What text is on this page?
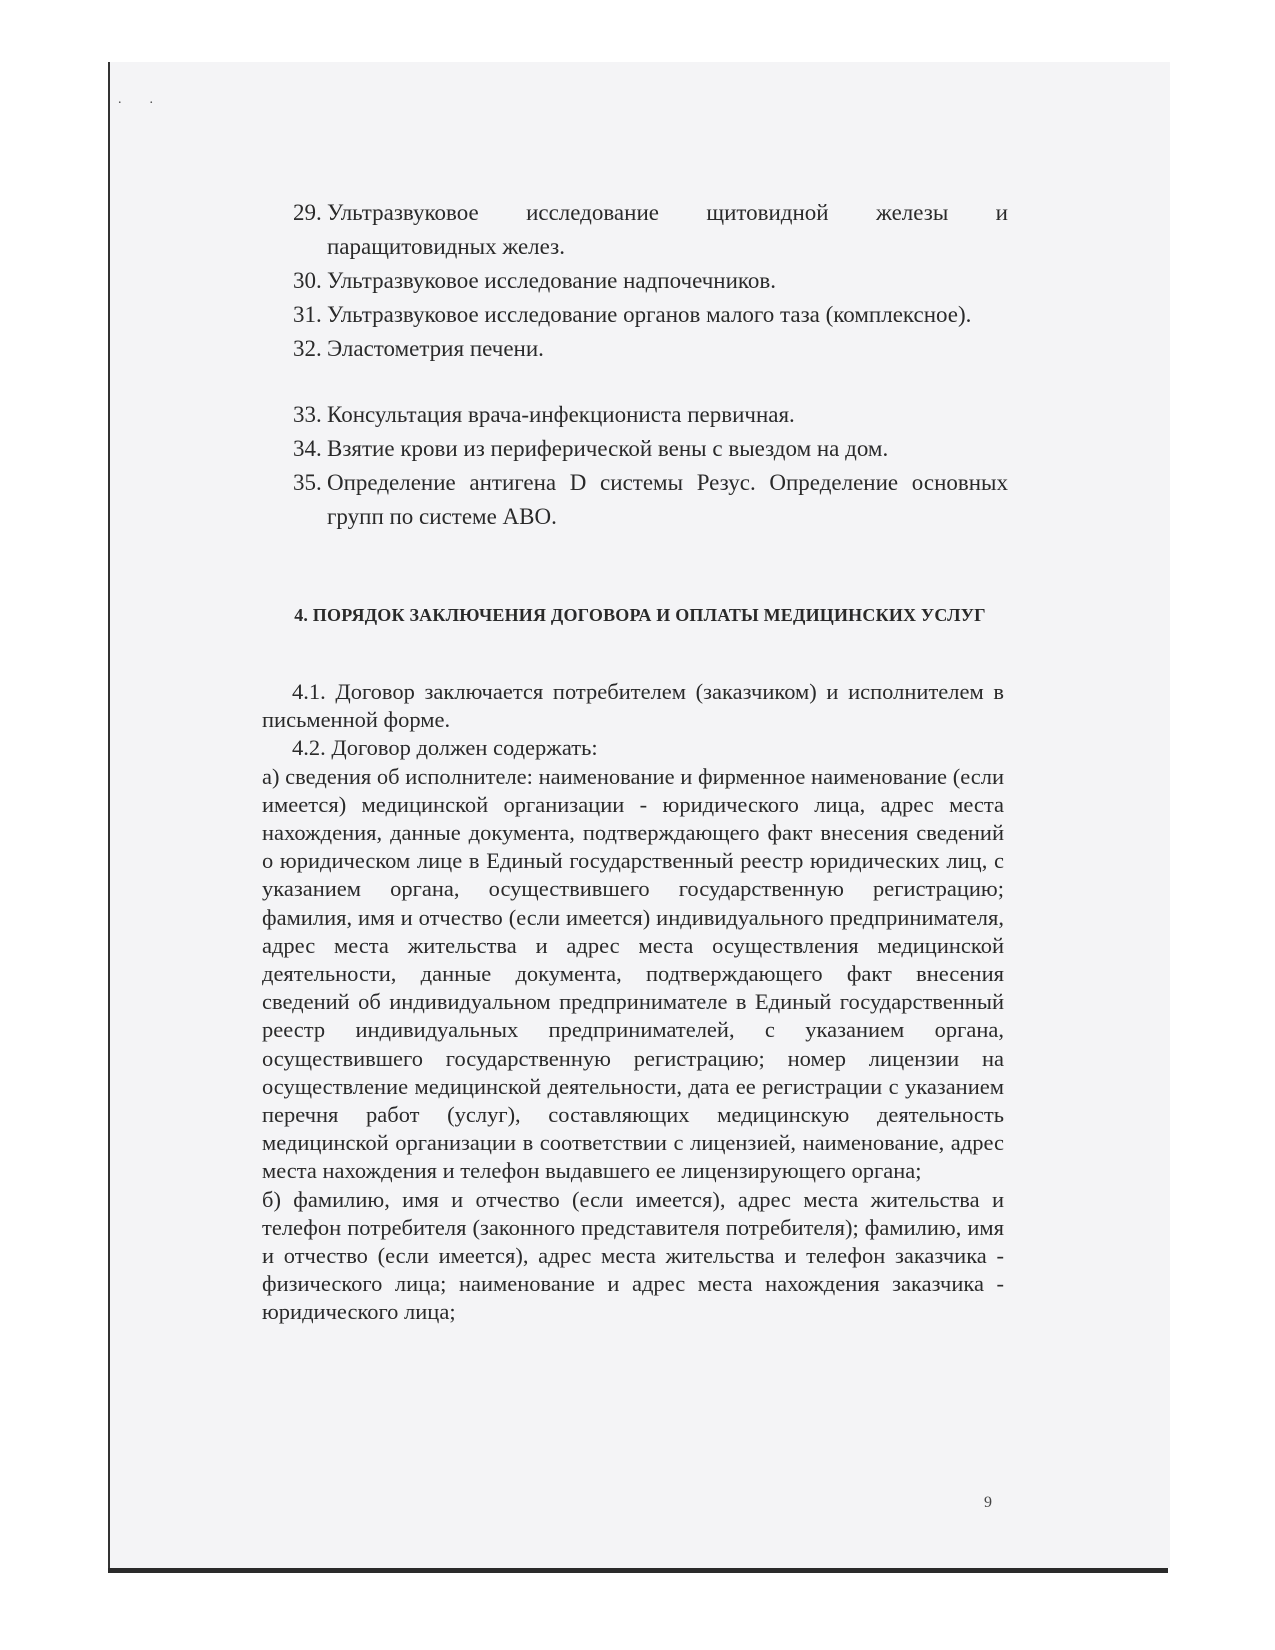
..
29. Ультразвуковое исследование щитовидной железы и паращитовидных желез.
30. Ультразвуковое исследование надпочечников.
31. Ультразвуковое исследование органов малого таза (комплексное).
32. Эластометрия печени.
33. Консультация врача-инфекциониста первичная.
34. Взятие крови из периферической вены с выездом на дом.
35. Определение антигена D системы Резус. Определение основных групп по системе АВО.
4. ПОРЯДОК ЗАКЛЮЧЕНИЯ ДОГОВОРА И ОПЛАТЫ МЕДИЦИНСКИХ УСЛУГ

4.1. Договор заключается потребителем (заказчиком) и исполнителем в письменной форме.

4.2. Договор должен содержать:

а) сведения об исполнителе: наименование и фирменное наименование (если имеется) медицинской организации - юридического лица, адрес места нахождения, данные документа, подтверждающего факт внесения сведений о юридическом лице в Единый государственный реестр юридических лиц, с указанием органа, осуществившего государственную регистрацию; фамилия, имя и отчество (если имеется) индивидуального предпринимателя, адрес места жительства и адрес места осуществления медицинской деятельности, данные документа, подтверждающего факт внесения сведений об индивидуальном предпринимателе в Единый государственный реестр индивидуальных предпринимателей, с указанием органа, осуществившего государственную регистрацию; номер лицензии на осуществление медицинской деятельности, дата ее регистрации с указанием перечня работ (услуг), составляющих медицинскую деятельность медицинской организации в соответствии с лицензией, наименование, адрес места нахождения и телефон выдавшего ее лицензирующего органа;

б) фамилию, имя и отчество (если имеется), адрес места жительства и телефон потребителя (законного представителя потребителя); фамилию, имя и отчество (если имеется), адрес места жительства и телефон заказчика - физического лица; наименование и адрес места нахождения заказчика - юридического лица;

9
